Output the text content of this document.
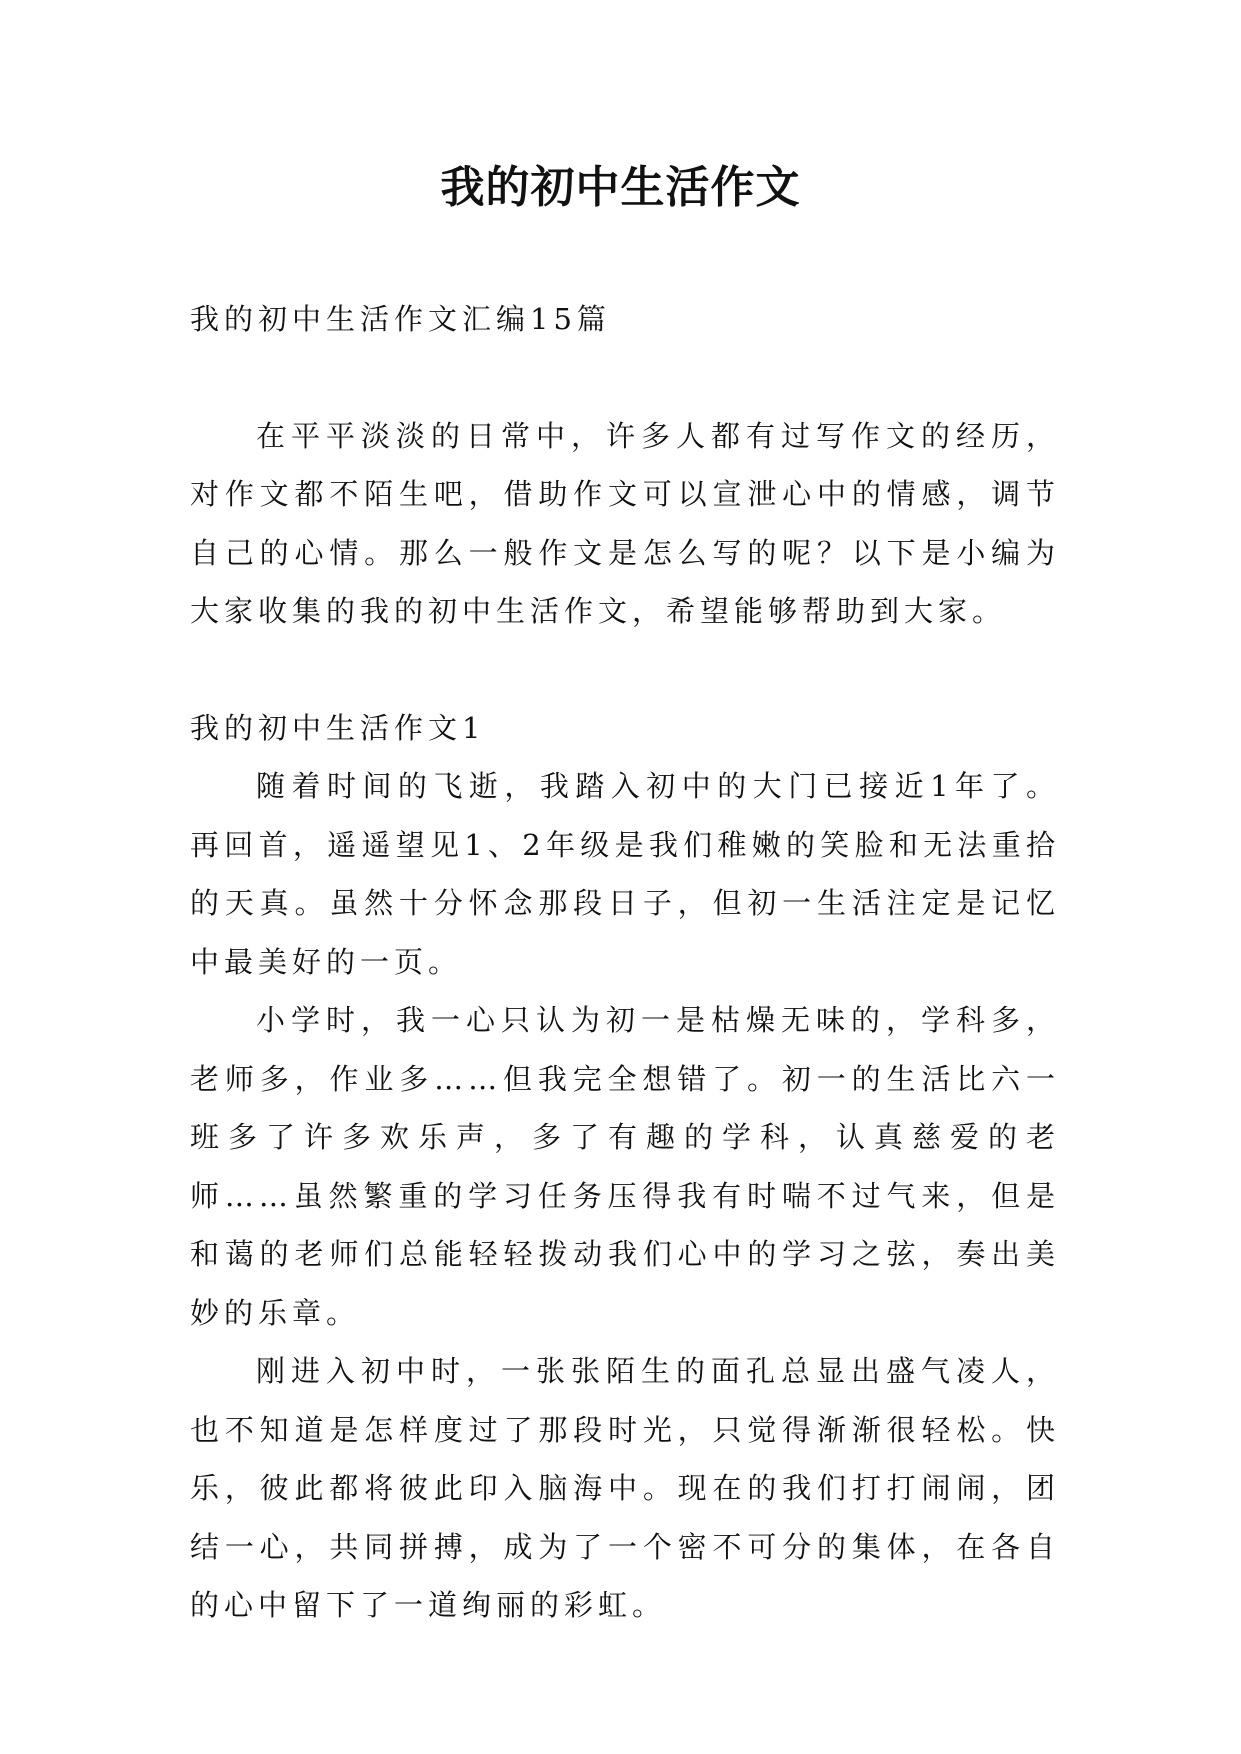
我的初中生活作文

我的初中生活作文汇编15篇

在平平淡淡的日常中，许多人都有过写作文的经历，对作文都不陌生吧，借助作文可以宣泄心中的情感，调节自己的心情。那么一般作文是怎么写的呢？以下是小编为大家收集的我的初中生活作文，希望能够帮助到大家。

我的初中生活作文1

随着时间的飞逝，我踏入初中的大门已接近1年了。再回首，遥遥望见1、2年级是我们稚嫩的笑脸和无法重拾的天真。虽然十分怀念那段日子，但初一生活注定是记忆中最美好的一页。

小学时，我一心只认为初一是枯燥无味的，学科多，老师多，作业多……但我完全想错了。初一的生活比六一班多了许多欢乐声，多了有趣的学科，认真慈爱的老师……虽然繁重的学习任务压得我有时喘不过气来，但是和蔼的老师们总能轻轻拨动我们心中的学习之弦，奏出美妙的乐章。

刚进入初中时，一张张陌生的面孔总显出盛气凌人，也不知道是怎样度过了那段时光，只觉得渐渐很轻松。快乐，彼此都将彼此印入脑海中。现在的我们打打闹闹，团结一心，共同拼搏，成为了一个密不可分的集体，在各自的心中留下了一道绚丽的彩虹。
